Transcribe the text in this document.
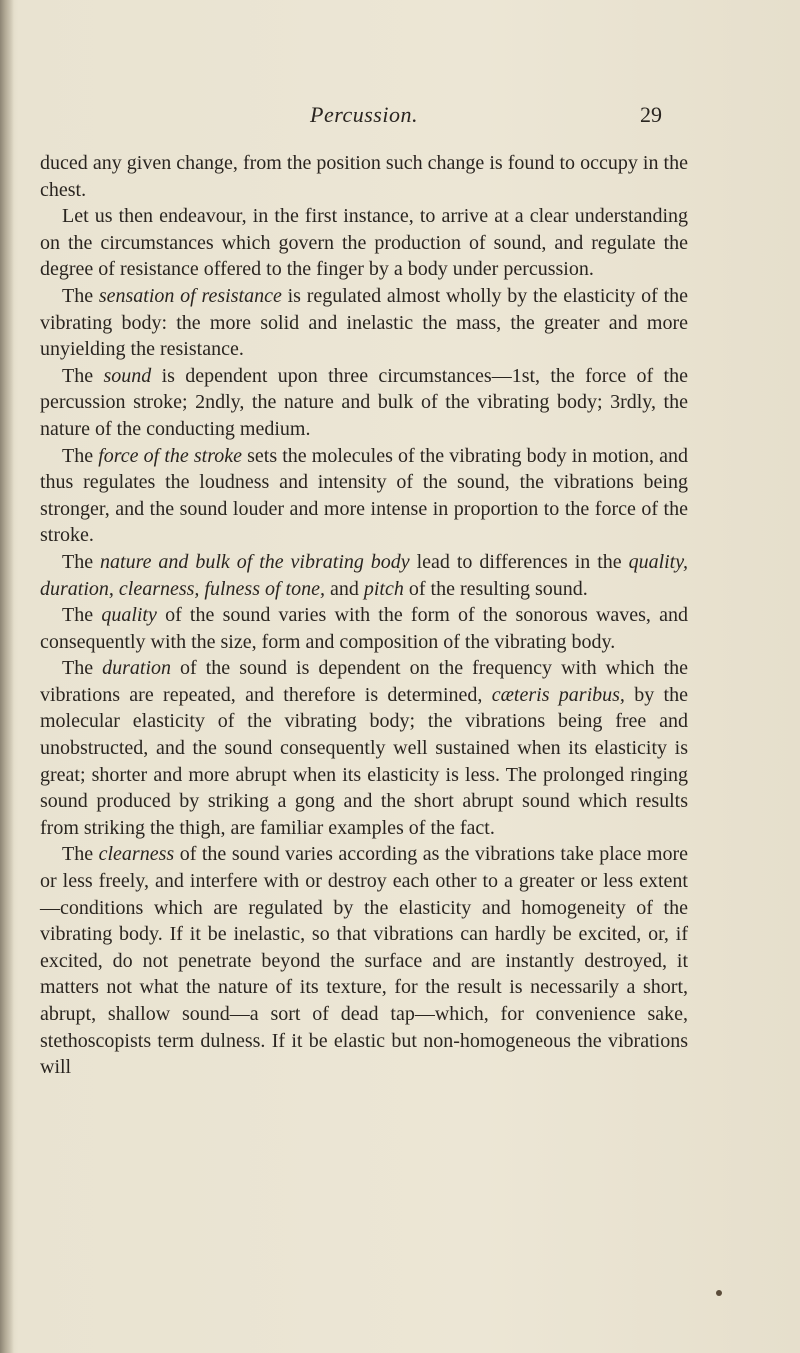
Percussion.	29

duced any given change, from the position such change is found to occupy in the chest.

Let us then endeavour, in the first instance, to arrive at a clear understanding on the circumstances which govern the production of sound, and regulate the degree of resistance offered to the finger by a body under percussion.

The sensation of resistance is regulated almost wholly by the elasticity of the vibrating body: the more solid and inelastic the mass, the greater and more unyielding the resistance.

The sound is dependent upon three circumstances—1st, the force of the percussion stroke; 2ndly, the nature and bulk of the vibrating body; 3rdly, the nature of the conducting medium.

The force of the stroke sets the molecules of the vibrating body in motion, and thus regulates the loudness and intensity of the sound, the vibrations being stronger, and the sound louder and more intense in proportion to the force of the stroke.

The nature and bulk of the vibrating body lead to differences in the quality, duration, clearness, fulness of tone, and pitch of the resulting sound.

The quality of the sound varies with the form of the sonorous waves, and consequently with the size, form and composition of the vibrating body.

The duration of the sound is dependent on the frequency with which the vibrations are repeated, and therefore is determined, cæteris paribus, by the molecular elasticity of the vibrating body; the vibrations being free and unobstructed, and the sound consequently well sustained when its elasticity is great; shorter and more abrupt when its elasticity is less. The prolonged ringing sound produced by striking a gong and the short abrupt sound which results from striking the thigh, are familiar examples of the fact.

The clearness of the sound varies according as the vibrations take place more or less freely, and interfere with or destroy each other to a greater or less extent—conditions which are regulated by the elasticity and homogeneity of the vibrating body. If it be inelastic, so that vibrations can hardly be excited, or, if excited, do not penetrate beyond the surface and are instantly destroyed, it matters not what the nature of its texture, for the result is necessarily a short, abrupt, shallow sound—a sort of dead tap—which, for convenience sake, stethoscopists term dulness. If it be elastic but non-homogeneous the vibrations will
